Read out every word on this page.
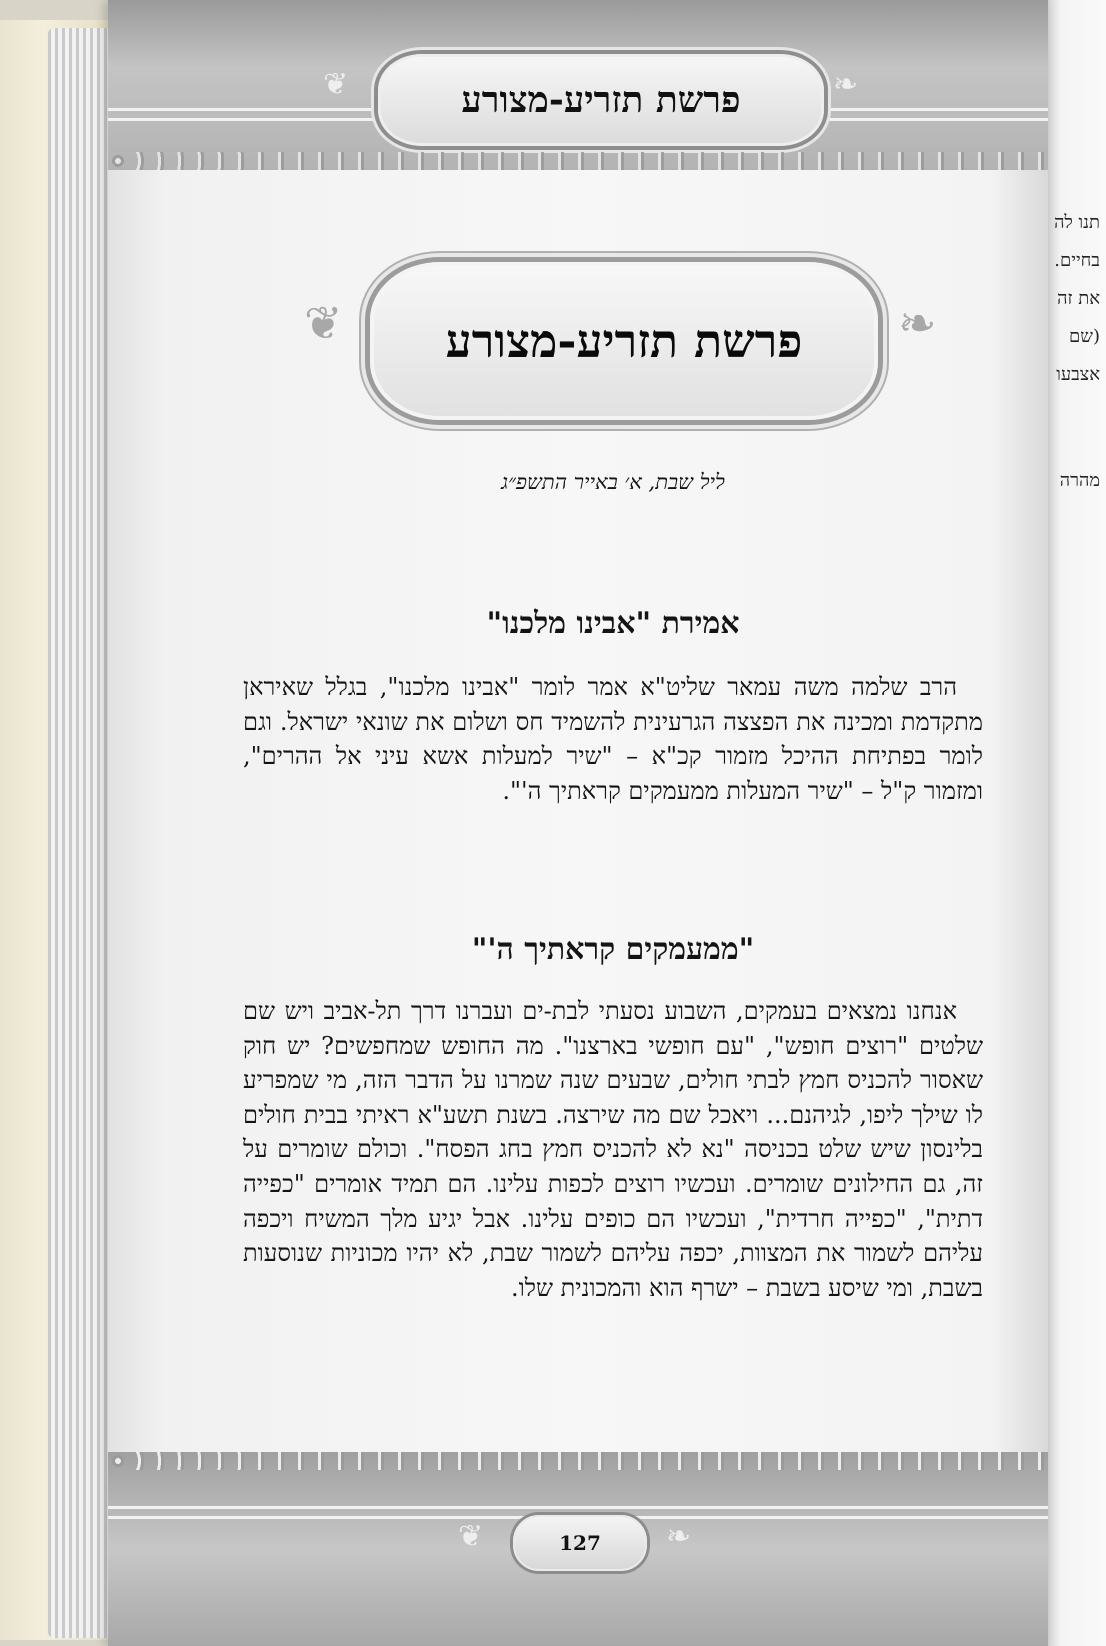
תנו לה
בחיים.
את זה
(שם
אצבעו
מהרה
❦	❧
פרשת תזריע-מצורע
❦	❧
פרשת תזריע-מצורע
ליל שבת, א׳ באייר התשפ״ג
אמירת "אבינו מלכנו"
הרב שלמה משה עמאר שליט"א אמר לומר "אבינו מלכנו", בגלל שאיראן מתקדמת ומכינה את הפצצה הגרעינית להשמיד חס ושלום את שונאי ישראל. וגם לומר בפתיחת ההיכל מזמור קכ"א – "שיר למעלות אשא עיני אל ההרים", ומזמור ק"ל – "שיר המעלות ממעמקים קראתיך ה'".
"ממעמקים קראתיך ה'"
אנחנו נמצאים בעמקים, השבוע נסעתי לבת-ים ועברנו דרך תל-אביב ויש שם שלטים "רוצים חופש", "עם חופשי בארצנו". מה החופש שמחפשים? יש חוק שאסור להכניס חמץ לבתי חולים, שבעים שנה שמרנו על הדבר הזה, מי שמפריע לו שילך ליפו, לגיהנם... ויאכל שם מה שירצה. בשנת תשע"א ראיתי בבית חולים בלינסון שיש שלט בכניסה "נא לא להכניס חמץ בחג הפסח". וכולם שומרים על זה, גם החילונים שומרים. ועכשיו רוצים לכפות עלינו. הם תמיד אומרים "כפייה דתית", "כפייה חרדית", ועכשיו הם כופים עלינו. אבל יגיע מלך המשיח ויכפה עליהם לשמור את המצוות, יכפה עליהם לשמור שבת, לא יהיו מכוניות שנוסעות בשבת, ומי שיסע בשבת – ישרף הוא והמכונית שלו.
❦	❧
127
